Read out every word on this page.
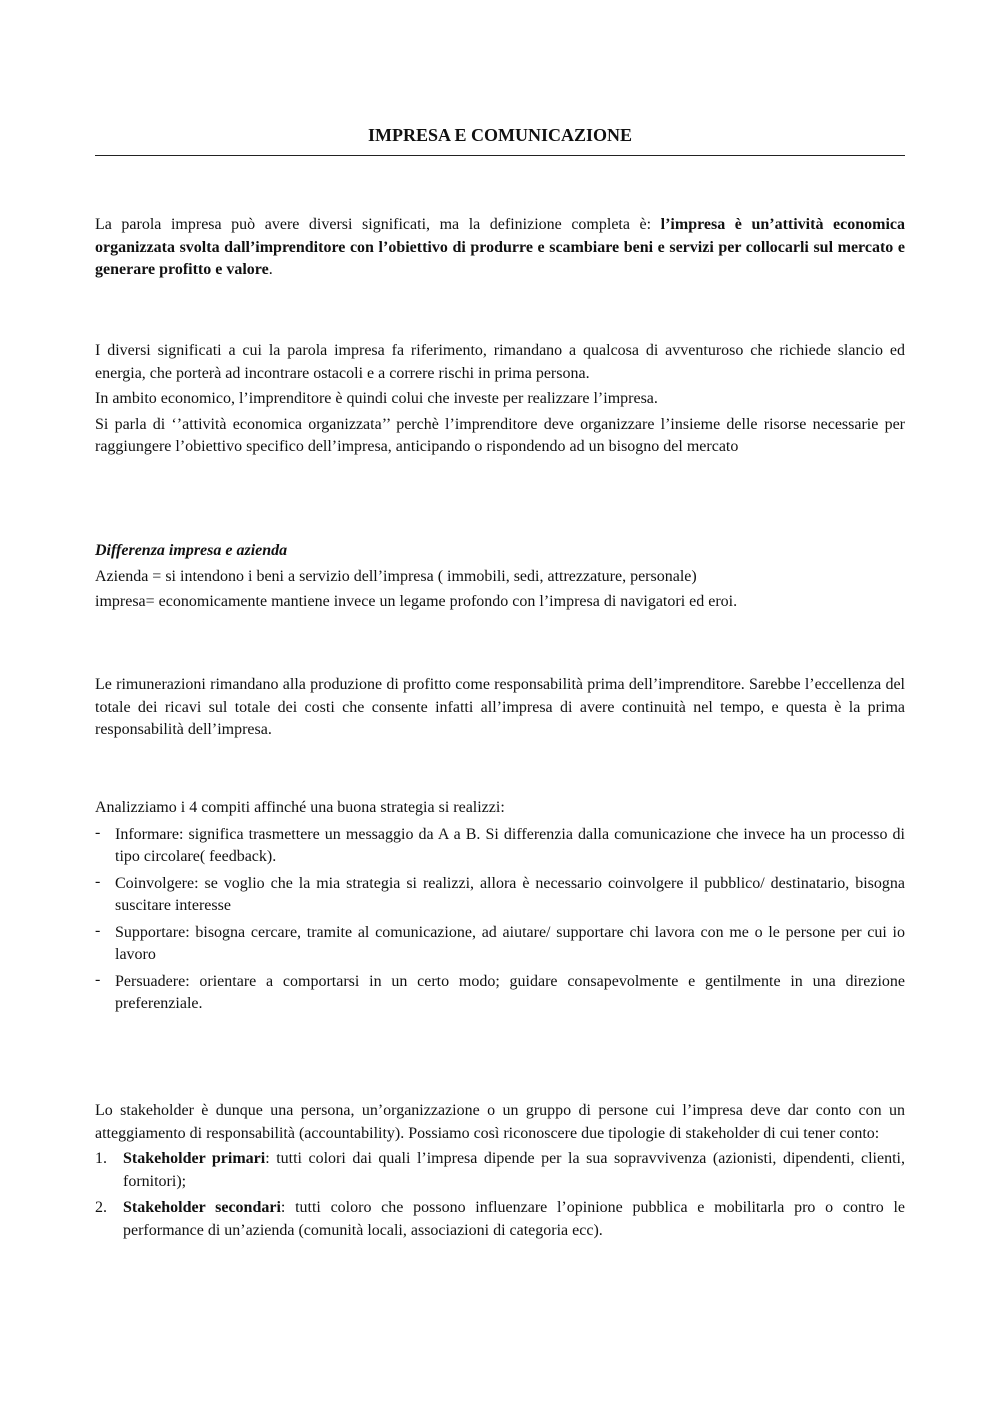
IMPRESA E COMUNICAZIONE

La parola impresa può avere diversi significati, ma la definizione completa è: l’impresa è un’attività economica organizzata svolta dall’imprenditore con l’obiettivo di produrre e scambiare beni e servizi per collocarli sul mercato e generare profitto e valore.

I diversi significati a cui la parola impresa fa riferimento, rimandano a qualcosa di avventuroso che richiede slancio ed energia, che porterà ad incontrare ostacoli e a correre rischi in prima persona.

In ambito economico, l’imprenditore è quindi colui che investe per realizzare l’impresa.

Si parla di ‘’attività economica organizzata’’ perchè l’imprenditore deve organizzare l’insieme delle risorse necessarie per raggiungere l’obiettivo specifico dell’impresa, anticipando o rispondendo ad un bisogno del mercato

Differenza impresa e azienda

Azienda = si intendono i beni a servizio dell’impresa ( immobili, sedi, attrezzature, personale)

impresa= economicamente mantiene invece un legame profondo con l’impresa di navigatori ed eroi.

Le rimunerazioni rimandano alla produzione di profitto come responsabilità prima dell’imprenditore. Sarebbe l’eccellenza del totale dei ricavi sul totale dei costi che consente infatti all’impresa di avere continuità nel tempo, e questa è la prima responsabilità dell’impresa.

Analizziamo i 4 compiti affinché una buona strategia si realizzi:

- Informare: significa trasmettere un messaggio da A a B. Si differenzia dalla comunicazione che invece ha un processo di tipo circolare( feedback).
- Coinvolgere: se voglio che la mia strategia si realizzi, allora è necessario coinvolgere il pubblico/ destinatario, bisogna suscitare interesse
- Supportare: bisogna cercare, tramite al comunicazione, ad aiutare/ supportare chi lavora con me o le persone per cui io lavoro
- Persuadere: orientare a comportarsi in un certo modo; guidare consapevolmente e gentilmente in una direzione preferenziale.

Lo stakeholder è dunque una persona, un’organizzazione o un gruppo di persone cui l’impresa deve dar conto con un atteggiamento di responsabilità (accountability). Possiamo così riconoscere due tipologie di stakeholder di cui tener conto:

1. Stakeholder primari: tutti colori dai quali l’impresa dipende per la sua sopravvivenza (azionisti, dipendenti, clienti, fornitori);
2. Stakeholder secondari: tutti coloro che possono influenzare l’opinione pubblica e mobilitarla pro o contro le performance di un’azienda (comunità locali, associazioni di categoria ecc).
